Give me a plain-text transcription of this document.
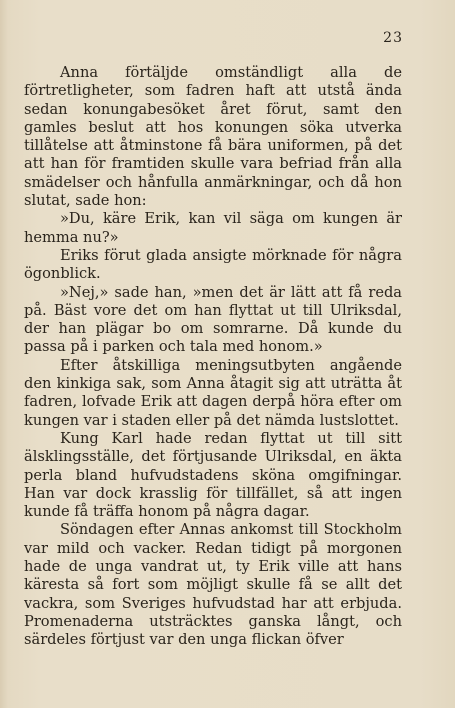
23

Anna förtäljde omständligt alla de förtretligheter, som fadren haft att utstå ända sedan konungabesöket året förut, samt den gamles beslut att hos konungen söka utverka tillåtelse att åtminstone få bära uniformen, på det att han för framtiden skulle vara befriad från alla smädelser och hånfulla anmärkningar, och då hon slutat, sade hon:

»Du, käre Erik, kan vil säga om kungen är hemma nu?»

Eriks förut glada ansigte mörknade för några ögonblick.

»Nej,» sade han, »men det är lätt att få reda på. Bäst vore det om han flyttat ut till Ulriksdal, der han plägar bo om somrarne. Då kunde du passa på i parken och tala med honom.»

Efter åtskilliga meningsutbyten angående den kinkiga sak, som Anna åtagit sig att uträtta åt fadren, lofvade Erik att dagen derpå höra efter om kungen var i staden eller på det nämda lustslottet.

Kung Karl hade redan flyttat ut till sitt älsklingsställe, det förtjusande Ulriksdal, en äkta perla bland hufvudstadens sköna omgifningar. Han var dock krasslig för tillfället, så att ingen kunde få träffa honom på några dagar.

Söndagen efter Annas ankomst till Stockholm var mild och vacker. Redan tidigt på morgonen hade de unga vandrat ut, ty Erik ville att hans käresta så fort som möjligt skulle få se allt det vackra, som Sveriges hufvudstad har att erbjuda. Promenaderna utsträcktes ganska långt, och särdeles förtjust var den unga flickan öfver
